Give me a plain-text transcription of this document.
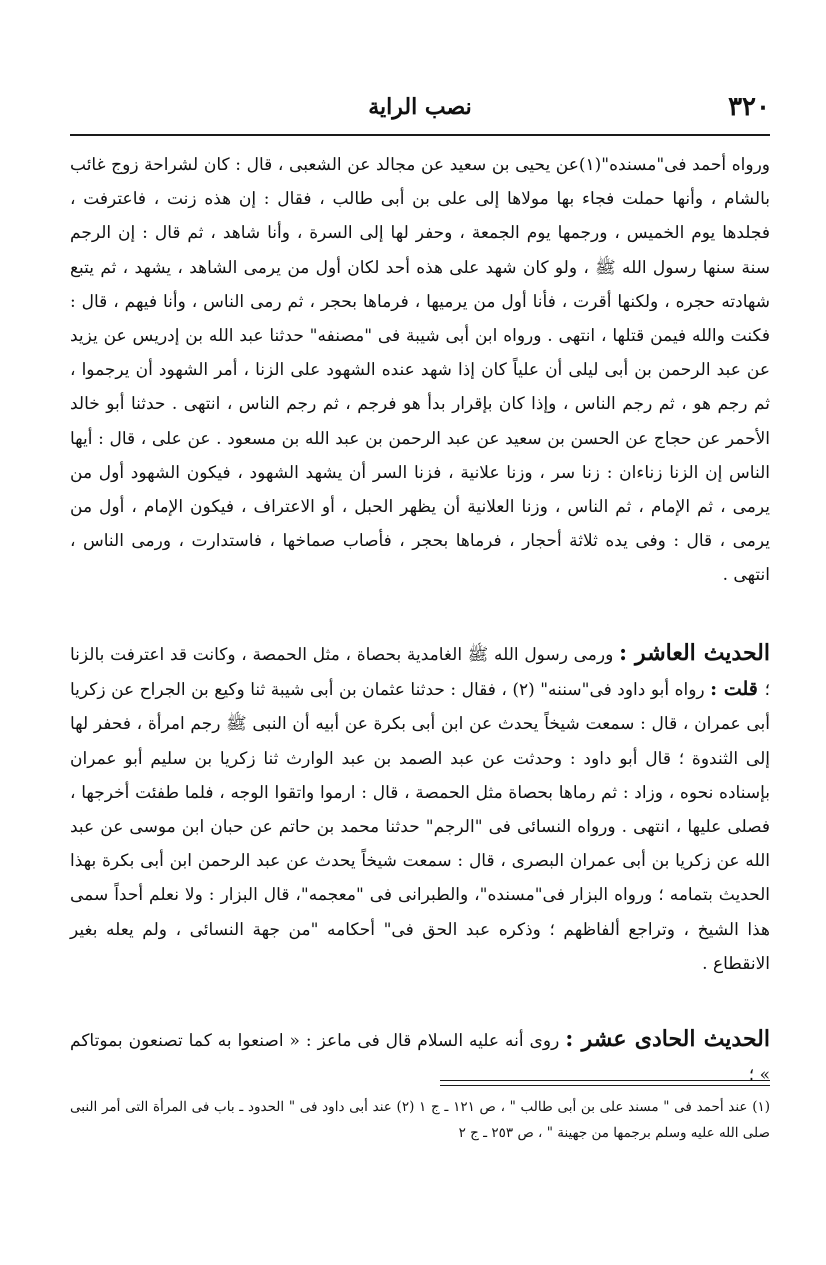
٣٢٠
نصب الراية

ورواه أحمد فى"مسنده"(١)عن يحيى بن سعيد عن مجالد عن الشعبى ، قال : كان لشراحة زوج غائب بالشام ، وأنها حملت فجاء بها مولاها إلى على بن أبى طالب ، فقال : إن هذه زنت ، فاعترفت ، فجلدها يوم الخميس ، ورجمها يوم الجمعة ، وحفر لها إلى السرة ، وأنا شاهد ، ثم قال : إن الرجم سنة سنها رسول الله ﷺ ، ولو كان شهد على هذه أحد لكان أول من يرمى الشاهد ، يشهد ، ثم يتبع شهادته حجره ، ولكنها أقرت ، فأنا أول من يرميها ، فرماها بحجر ، ثم رمى الناس ، وأنا فيهم ، قال : فكنت والله فيمن قتلها ، انتهى . ورواه ابن أبى شيبة فى "مصنفه" حدثنا عبد الله بن إدريس عن يزيد عن عبد الرحمن بن أبى ليلى أن علياً كان إذا شهد عنده الشهود على الزنا ، أمر الشهود أن يرجموا ، ثم رجم هو ، ثم رجم الناس ، وإذا كان بإقرار بدأ هو فرجم ، ثم رجم الناس ، انتهى . حدثنا أبو خالد الأحمر عن حجاج عن الحسن بن سعيد عن عبد الرحمن بن عبد الله بن مسعود . عن على ، قال : أيها الناس إن الزنا زناءان : زنا سر ، وزنا علانية ، فزنا السر أن يشهد الشهود ، فيكون الشهود أول من يرمى ، ثم الإمام ، ثم الناس ، وزنا العلانية أن يظهر الحبل ، أو الاعتراف ، فيكون الإمام ، أول من يرمى ، قال : وفى يده ثلاثة أحجار ، فرماها بحجر ، فأصاب صماخها ، فاستدارت ، ورمى الناس ، انتهى .

الحديث العاشر : ورمى رسول الله ﷺ الغامدية بحصاة ، مثل الحمصة ، وكانت قد اعترفت بالزنا ؛ قلت : رواه أبو داود فى"سننه" (٢) ، فقال : حدثنا عثمان بن أبى شيبة ثنا وكيع بن الجراح عن زكريا أبى عمران ، قال : سمعت شيخاً يحدث عن ابن أبى بكرة عن أبيه أن النبى ﷺ رجم امرأة ، فحفر لها إلى الثندوة ؛ قال أبو داود : وحدثت عن عبد الصمد بن عبد الوارث ثنا زكريا بن سليم أبو عمران بإسناده نحوه ، وزاد : ثم رماها بحصاة مثل الحمصة ، قال : ارموا واتقوا الوجه ، فلما طفئت أخرجها ، فصلى عليها ، انتهى . ورواه النسائى فى "الرجم" حدثنا محمد بن حاتم عن حبان ابن موسى عن عبد الله عن زكريا بن أبى عمران البصرى ، قال : سمعت شيخاً يحدث عن عبد الرحمن ابن أبى بكرة بهذا الحديث بتمامه ؛ ورواه البزار فى"مسنده"، والطبرانى فى "معجمه"، قال البزار : ولا نعلم أحداً سمى هذا الشيخ ، وتراجع ألفاظهم ؛ وذكره عبد الحق فى" أحكامه "من جهة النسائى ، ولم يعله بغير الانقطاع .

الحديث الحادى عشر : روى أنه عليه السلام قال فى ماعز : « اصنعوا به كما تصنعون بموتاكم » ؛

(١) عند أحمد فى " مسند على بن أبى طالب " ، ص ١٢١ ـ ج ١ (٢) عند أبى داود فى " الحدود ـ باب فى المرأة التى أمر النبى صلى الله عليه وسلم برجمها من جهينة " ، ص ٢٥٣ ـ ج ٢
